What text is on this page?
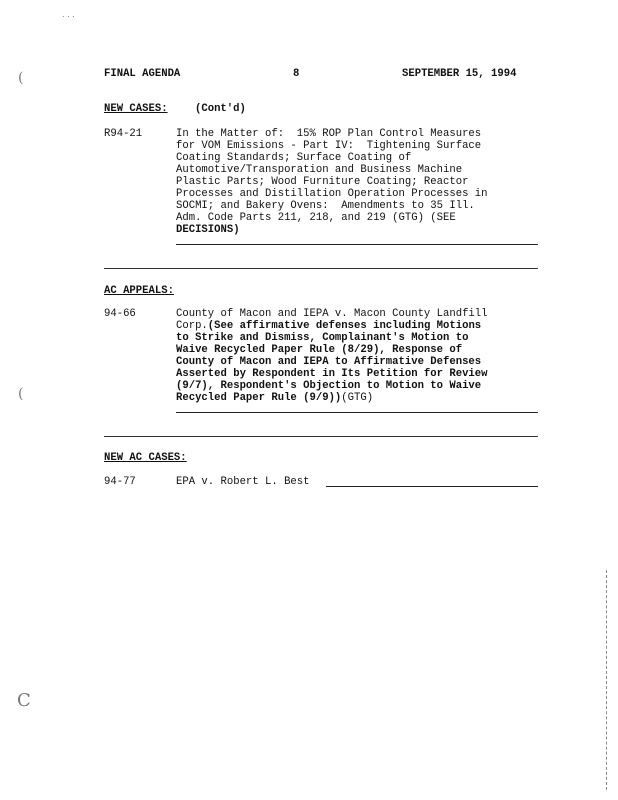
. . .
(
(
C
FINAL AGENDA	8	SEPTEMBER 15, 1994
NEW CASES:	(Cont'd)
R94-21	In the Matter of:  15% ROP Plan Control Measures
for VOM Emissions - Part IV:  Tightening Surface
Coating Standards; Surface Coating of
Automotive/Transporation and Business Machine
Plastic Parts; Wood Furniture Coating; Reactor
Processes and Distillation Operation Processes in
SOCMI; and Bakery Ovens:  Amendments to 35 Ill.
Adm. Code Parts 211, 218, and 219 (GTG) (SEE
DECISIONS)
AC APPEALS:
94-66	County of Macon and IEPA v. Macon County Landfill
Corp.(See affirmative defenses including Motions
to Strike and Dismiss, Complainant's Motion to
Waive Recycled Paper Rule (8/29), Response of
County of Macon and IEPA to Affirmative Defenses
Asserted by Respondent in Its Petition for Review
(9/7), Respondent's Objection to Motion to Waive
Recycled Paper Rule (9/9))(GTG)
NEW AC CASES:
94-77	EPA v. Robert L. Best
